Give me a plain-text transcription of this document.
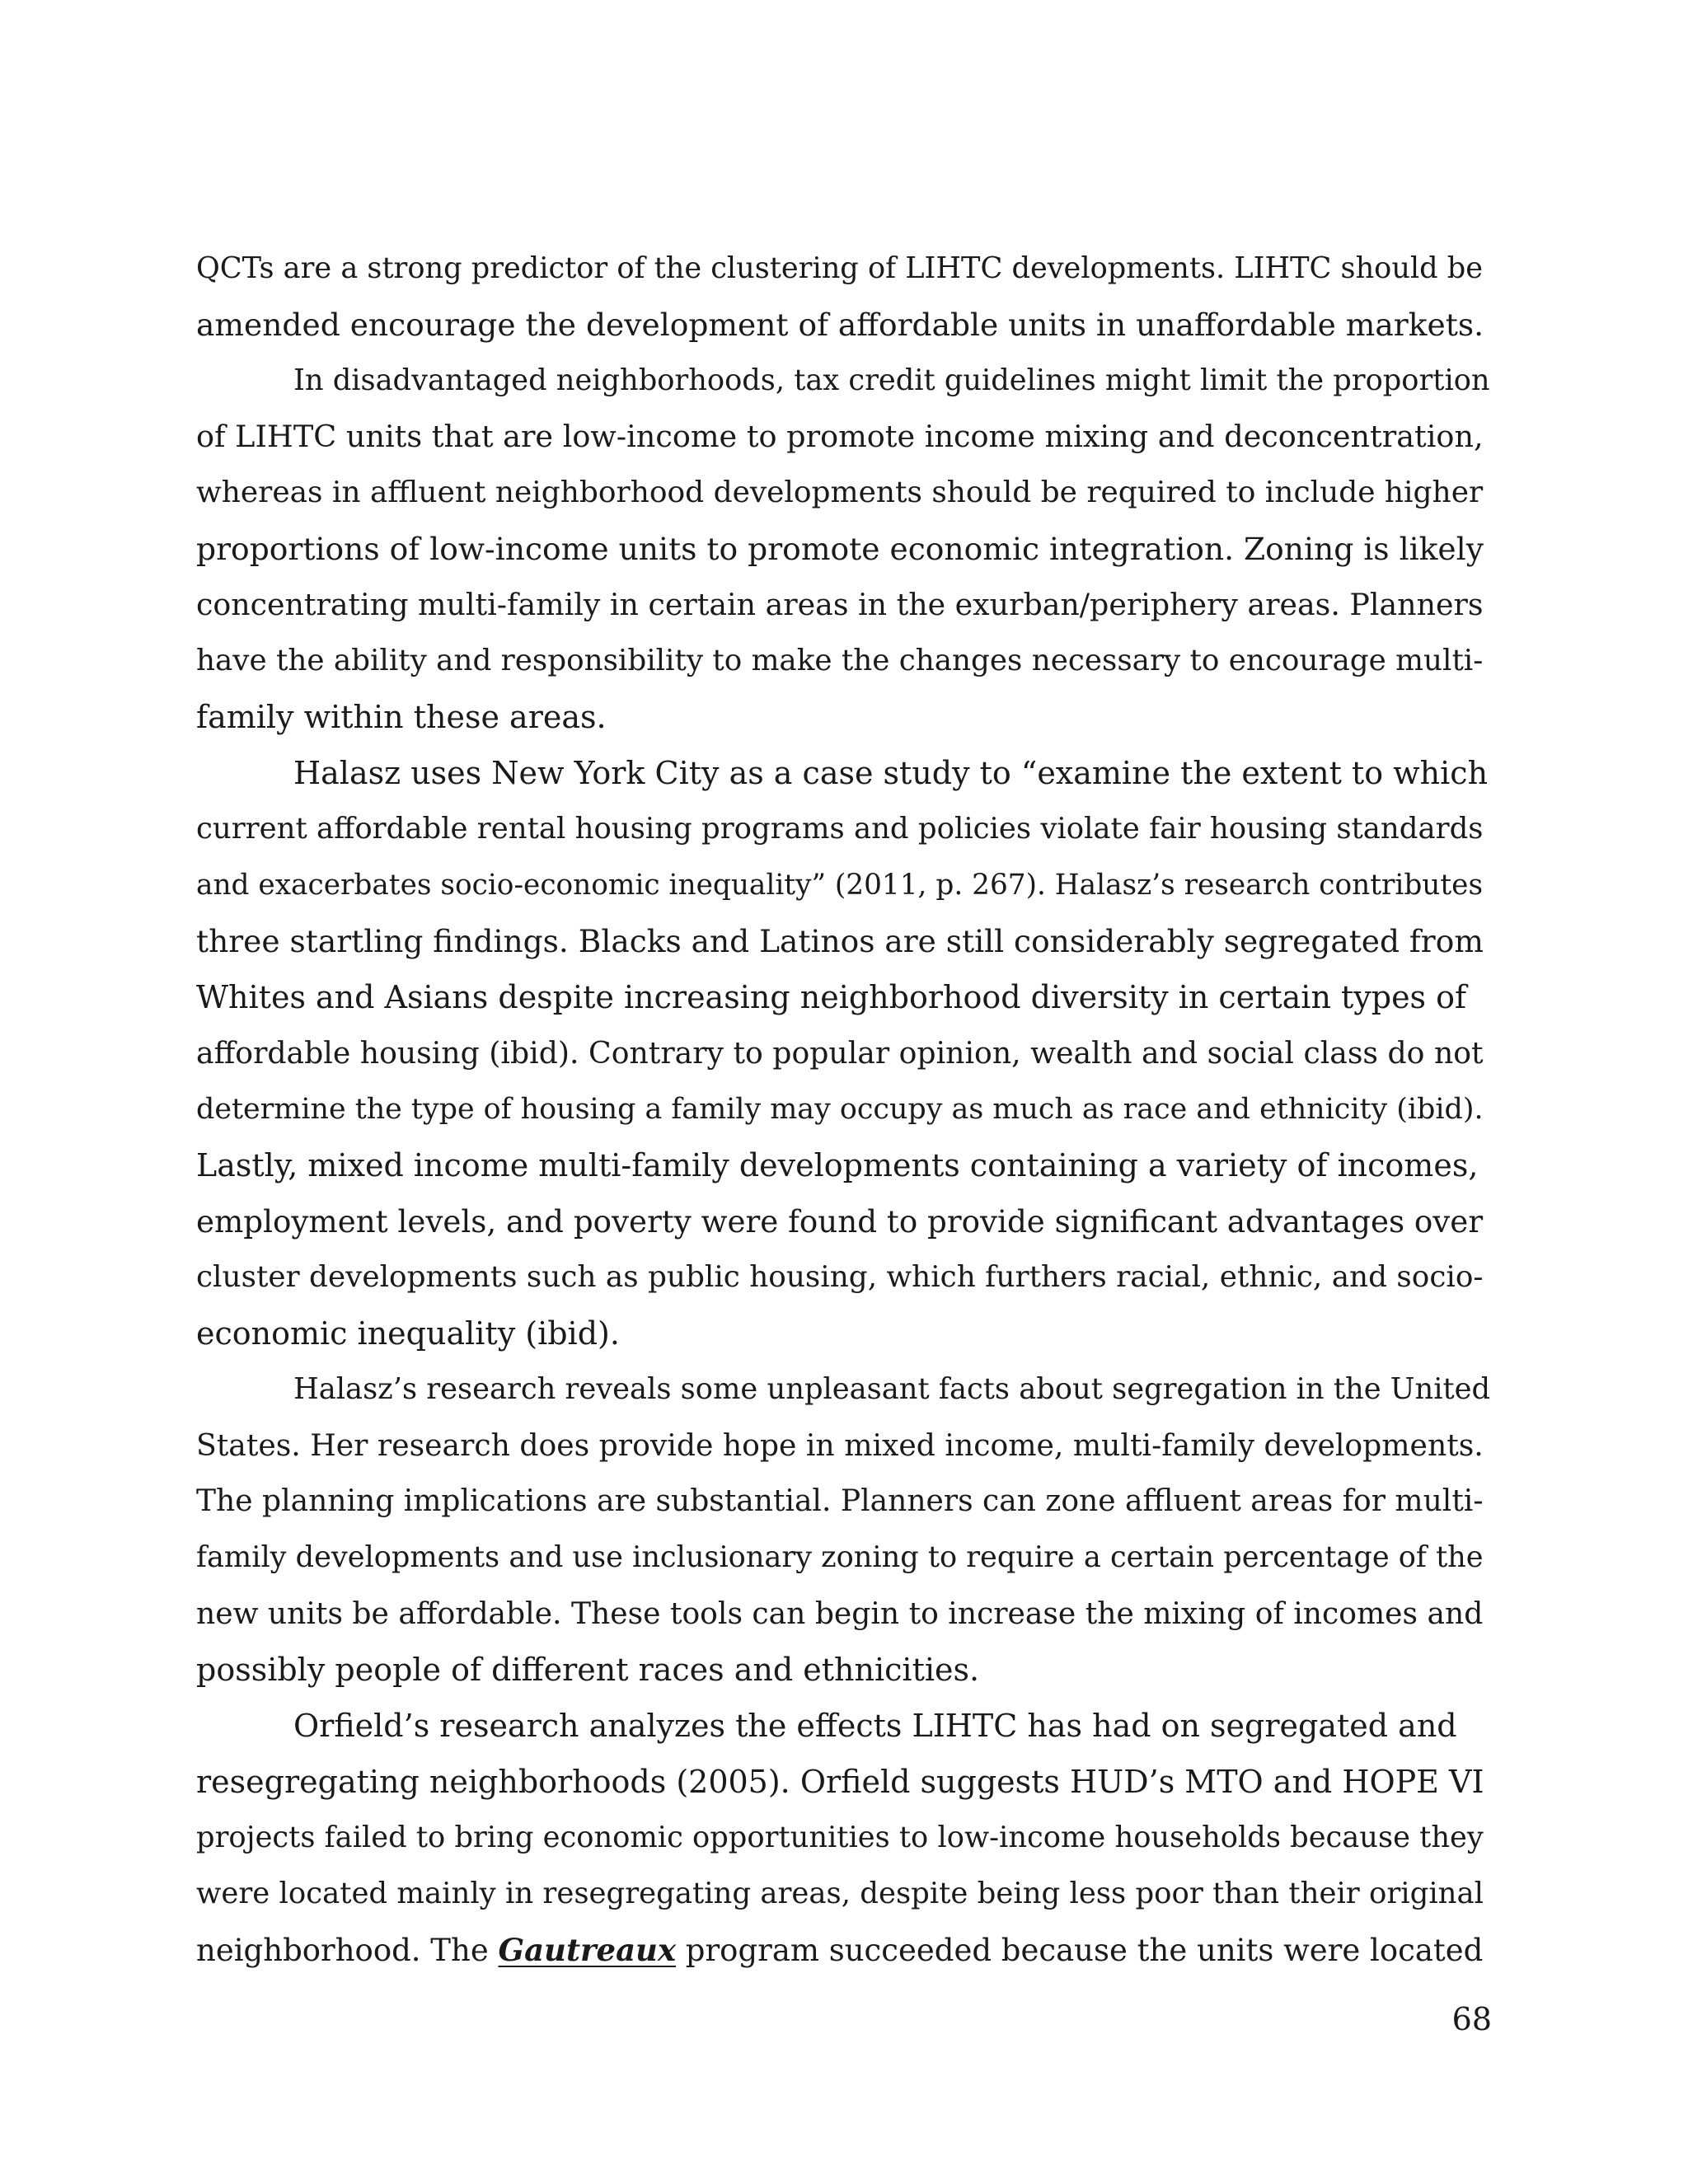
QCTs are a strong predictor of the clustering of LIHTC developments. LIHTC should be
amended encourage the development of affordable units in unaffordable markets.

In disadvantaged neighborhoods, tax credit guidelines might limit the proportion
of LIHTC units that are low-income to promote income mixing and deconcentration,
whereas in affluent neighborhood developments should be required to include higher
proportions of low-income units to promote economic integration. Zoning is likely
concentrating multi-family in certain areas in the exurban/periphery areas. Planners
have the ability and responsibility to make the changes necessary to encourage multi-
family within these areas.

Halasz uses New York City as a case study to “examine the extent to which
current affordable rental housing programs and policies violate fair housing standards
and exacerbates socio-economic inequality” (2011, p. 267). Halasz’s research contributes
three startling findings. Blacks and Latinos are still considerably segregated from
Whites and Asians despite increasing neighborhood diversity in certain types of
affordable housing (ibid). Contrary to popular opinion, wealth and social class do not
determine the type of housing a family may occupy as much as race and ethnicity (ibid).
Lastly, mixed income multi-family developments containing a variety of incomes,
employment levels, and poverty were found to provide significant advantages over
cluster developments such as public housing, which furthers racial, ethnic, and socio-
economic inequality (ibid).

Halasz’s research reveals some unpleasant facts about segregation in the United
States. Her research does provide hope in mixed income, multi-family developments.
The planning implications are substantial. Planners can zone affluent areas for multi-
family developments and use inclusionary zoning to require a certain percentage of the
new units be affordable. These tools can begin to increase the mixing of incomes and
possibly people of different races and ethnicities.

Orfield’s research analyzes the effects LIHTC has had on segregated and
resegregating neighborhoods (2005). Orfield suggests HUD’s MTO and HOPE VI
projects failed to bring economic opportunities to low-income households because they
were located mainly in resegregating areas, despite being less poor than their original
neighborhood. The Gautreaux program succeeded because the units were located

68
